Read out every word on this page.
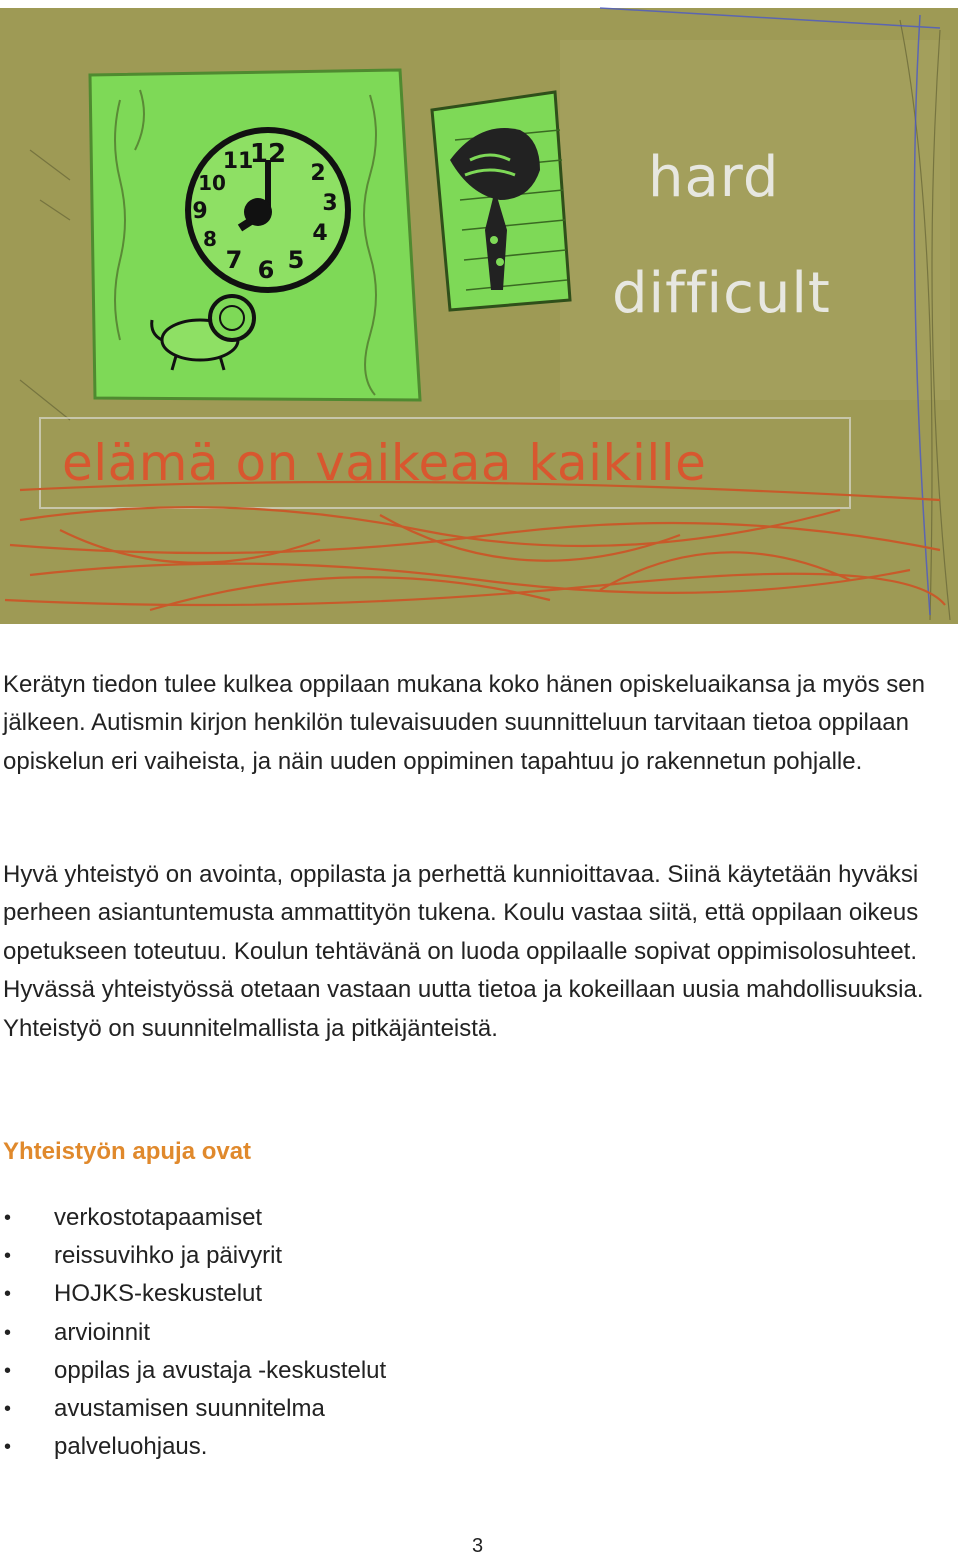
12
2
3
4
5
6
7
8
9
10
11	hard
difficult
elämä on vaikeaa kaikille

Kerätyn tiedon tulee kulkea oppilaan mukana koko hänen opiskeluaikansa ja myös sen jälkeen. Autismin kirjon henkilön tulevaisuuden suunnitteluun tarvitaan tietoa oppilaan opiskelun eri vaiheista, ja näin uuden oppiminen tapahtuu jo rakennetun pohjalle.

Hyvä yhteistyö on avointa, oppilasta ja perhettä kunnioittavaa. Siinä käytetään hyväksi perheen asiantuntemusta ammattityön tukena. Koulu vastaa siitä, että oppilaan oikeus opetukseen toteutuu. Koulun tehtävänä on luoda oppilaalle sopivat oppimisolosuhteet. Hyvässä yhteistyössä otetaan vastaan uutta tietoa ja kokeillaan uusia mahdollisuuksia. Yhteistyö on suunnitelmallista ja pitkäjänteistä.

Yhteistyön apuja ovat
• verkostotapaamiset
• reissuvihko ja päivyrit
• HOJKS-keskustelut
• arvioinnit
• oppilas ja avustaja -keskustelut
• avustamisen suunnitelma
• palveluohjaus.
3
